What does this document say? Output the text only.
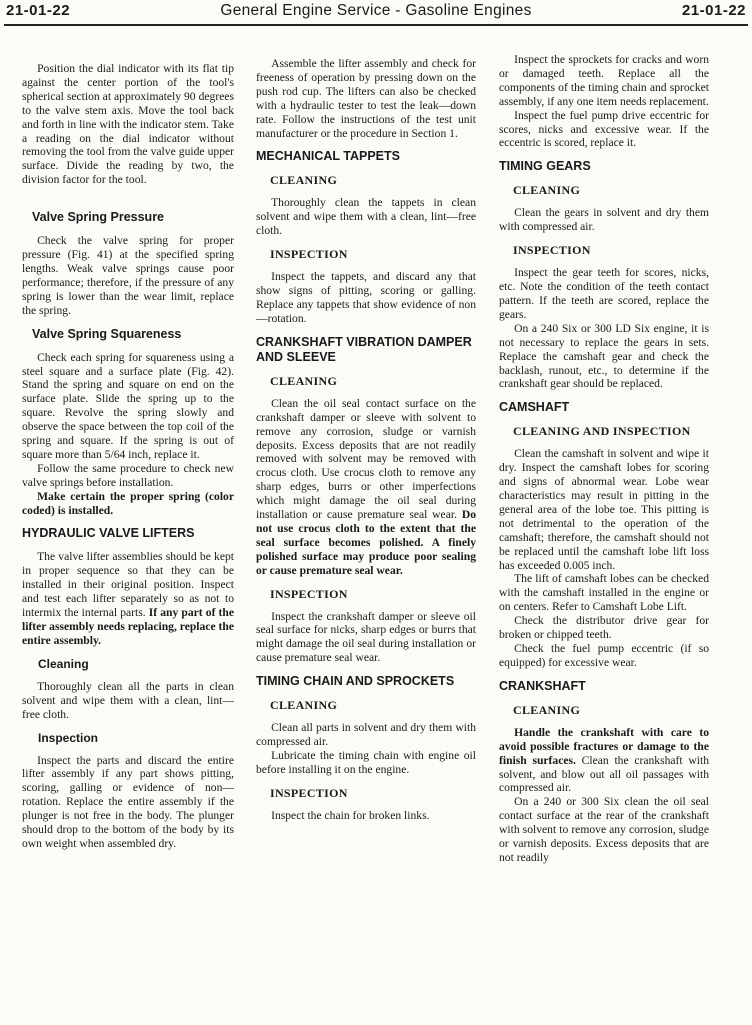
21-01-22	General Engine Service - Gasoline Engines	21-01-22

Position the dial indicator with its flat tip against the center portion of the tool's spherical section at approximately 90 degrees to the valve stem axis. Move the tool back and forth in line with the indicator stem. Take a reading on the dial indicator without removing the tool from the valve guide upper surface. Divide the reading by two, the division factor for the tool.

Valve Spring Pressure

Check the valve spring for proper pressure (Fig. 41) at the specified spring lengths. Weak valve springs cause poor performance; therefore, if the pressure of any spring is lower than the wear limit, replace the spring.

Valve Spring Squareness

Check each spring for squareness using a steel square and a surface plate (Fig. 42). Stand the spring and square on end on the surface plate. Slide the spring up to the square. Revolve the spring slowly and observe the space between the top coil of the spring and square. If the spring is out of square more than 5/64 inch, replace it.

Follow the same procedure to check new valve springs before installation.

Make certain the proper spring (color coded) is installed.

HYDRAULIC VALVE LIFTERS

The valve lifter assemblies should be kept in proper sequence so that they can be installed in their original position. Inspect and test each lifter separately so as not to intermix the internal parts. If any part of the lifter assembly needs replacing, replace the entire assembly.

Cleaning

Thoroughly clean all the parts in clean solvent and wipe them with a clean, lint—free cloth.

Inspection

Inspect the parts and discard the entire lifter assembly if any part shows pitting, scoring, galling or evidence of non—rotation. Replace the entire assembly if the plunger is not free in the body. The plunger should drop to the bottom of the body by its own weight when assembled dry.

Assemble the lifter assembly and check for freeness of operation by pressing down on the push rod cup. The lifters can also be checked with a hydraulic tester to test the leak—down rate. Follow the instructions of the test unit manufacturer or the procedure in Section 1.

MECHANICAL TAPPETS
CLEANING

Thoroughly clean the tappets in clean solvent and wipe them with a clean, lint—free cloth.

INSPECTION

Inspect the tappets, and discard any that show signs of pitting, scoring or galling. Replace any tappets that show evidence of non—rotation.

CRANKSHAFT VIBRATION DAMPER AND SLEEVE
CLEANING

Clean the oil seal contact surface on the crankshaft damper or sleeve with solvent to remove any corrosion, sludge or varnish deposits. Excess deposits that are not readily removed with solvent may be removed with crocus cloth. Use crocus cloth to remove any sharp edges, burrs or other imperfections which might damage the oil seal during installation or cause premature seal wear. Do not use crocus cloth to the extent that the seal surface becomes polished. A finely polished surface may produce poor sealing or cause premature seal wear.

INSPECTION

Inspect the crankshaft damper or sleeve oil seal surface for nicks, sharp edges or burrs that might damage the oil seal during installation or cause premature seal wear.

TIMING CHAIN AND SPROCKETS
CLEANING

Clean all parts in solvent and dry them with compressed air.

Lubricate the timing chain with engine oil before installing it on the engine.

INSPECTION

Inspect the chain for broken links.

Inspect the sprockets for cracks and worn or damaged teeth. Replace all the components of the timing chain and sprocket assembly, if any one item needs replacement.

Inspect the fuel pump drive eccentric for scores, nicks and excessive wear. If the eccentric is scored, replace it.

TIMING GEARS
CLEANING

Clean the gears in solvent and dry them with compressed air.

INSPECTION

Inspect the gear teeth for scores, nicks, etc. Note the condition of the teeth contact pattern. If the teeth are scored, replace the gears.

On a 240 Six or 300 LD Six engine, it is not necessary to replace the gears in sets. Replace the camshaft gear and check the backlash, runout, etc., to determine if the crankshaft gear should be replaced.

CAMSHAFT
CLEANING AND INSPECTION

Clean the camshaft in solvent and wipe it dry. Inspect the camshaft lobes for scoring and signs of abnormal wear. Lobe wear characteristics may result in pitting in the general area of the lobe toe. This pitting is not detrimental to the operation of the camshaft; therefore, the camshaft should not be replaced until the camshaft lobe lift loss has exceeded 0.005 inch.

The lift of camshaft lobes can be checked with the camshaft installed in the engine or on centers. Refer to Camshaft Lobe Lift.

Check the distributor drive gear for broken or chipped teeth.

Check the fuel pump eccentric (if so equipped) for excessive wear.

CRANKSHAFT
CLEANING

Handle the crankshaft with care to avoid possible fractures or damage to the finish surfaces. Clean the crankshaft with solvent, and blow out all oil passages with compressed air.

On a 240 or 300 Six clean the oil seal contact surface at the rear of the crankshaft with solvent to remove any corrosion, sludge or varnish deposits. Excess deposits that are not readily
